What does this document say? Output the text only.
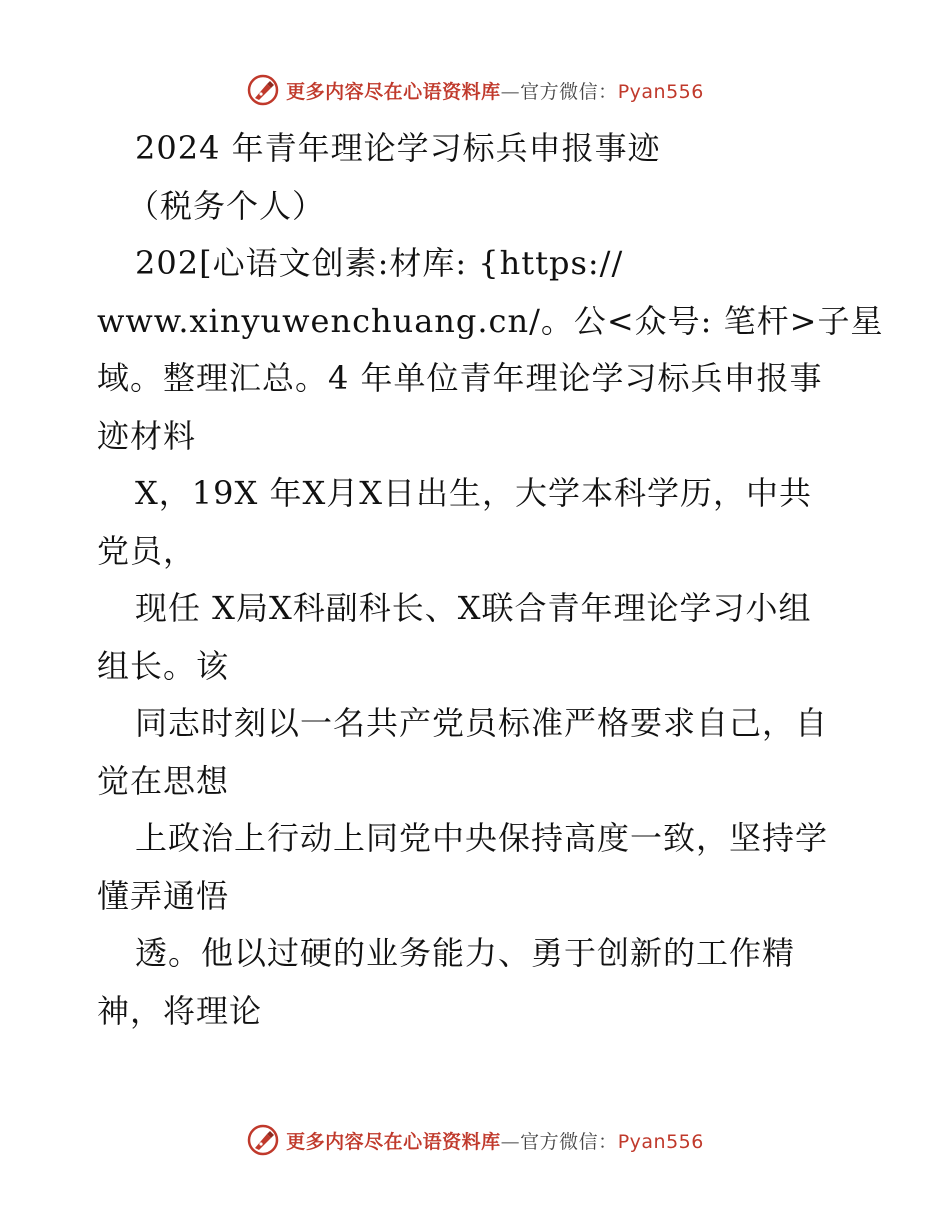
更多内容尽在心语资料库—官方微信：Pyan556
2024 年青年理论学习标兵申报事迹
（税务个人）
202[心语文创素:材库: {https://
www.xinyuwenchuang.cn/。公<众号: 笔杆>子星
域。整理汇总。4 年单位青年理论学习标兵申报事
迹材料
X，19X 年X月X日出生，大学本科学历，中共
党员，
现任 X局X科副科长、X联合青年理论学习小组
组长。该
同志时刻以一名共产党员标准严格要求自己，自
觉在思想
上政治上行动上同党中央保持高度一致，坚持学
懂弄通悟
透。他以过硬的业务能力、勇于创新的工作精
神，将理论
更多内容尽在心语资料库—官方微信：Pyan556
